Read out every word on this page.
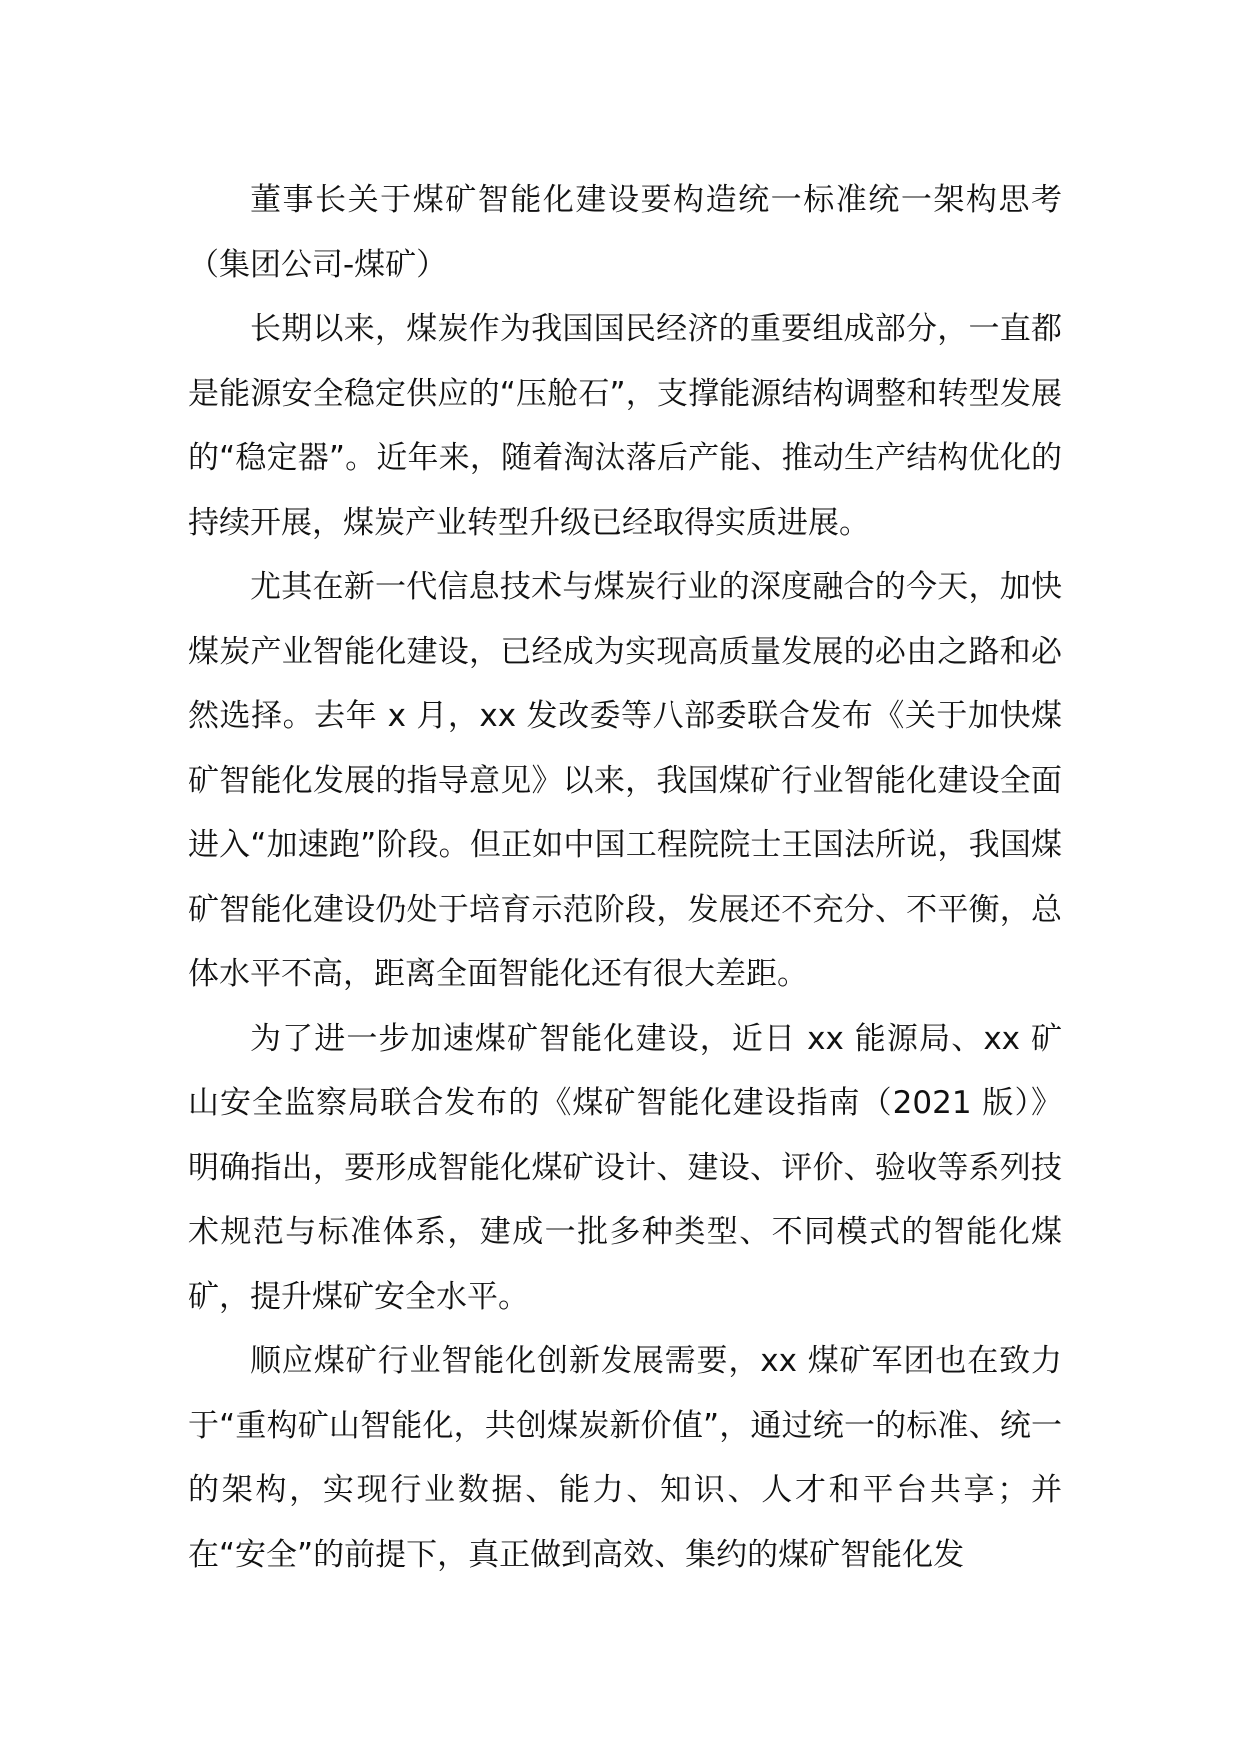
董事长关于煤矿智能化建设要构造统一标准统一架构思考（集团公司-煤矿）

长期以来，煤炭作为我国国民经济的重要组成部分，一直都是能源安全稳定供应的“压舱石”，支撑能源结构调整和转型发展的“稳定器”。近年来，随着淘汰落后产能、推动生产结构优化的持续开展，煤炭产业转型升级已经取得实质进展。

尤其在新一代信息技术与煤炭行业的深度融合的今天，加快煤炭产业智能化建设，已经成为实现高质量发展的必由之路和必然选择。去年 x 月，xx 发改委等八部委联合发布《关于加快煤矿智能化发展的指导意见》以来，我国煤矿行业智能化建设全面进入“加速跑”阶段。但正如中国工程院院士王国法所说，我国煤矿智能化建设仍处于培育示范阶段，发展还不充分、不平衡，总体水平不高，距离全面智能化还有很大差距。

为了进一步加速煤矿智能化建设，近日 xx 能源局、xx 矿山安全监察局联合发布的《煤矿智能化建设指南（2021 版）》明确指出，要形成智能化煤矿设计、建设、评价、验收等系列技术规范与标准体系，建成一批多种类型、不同模式的智能化煤矿，提升煤矿安全水平。

顺应煤矿行业智能化创新发展需要，xx 煤矿军团也在致力于“重构矿山智能化，共创煤炭新价值”，通过统一的标准、统一的架构，实现行业数据、能力、知识、人才和平台共享；并在“安全”的前提下，真正做到高效、集约的煤矿智能化发
